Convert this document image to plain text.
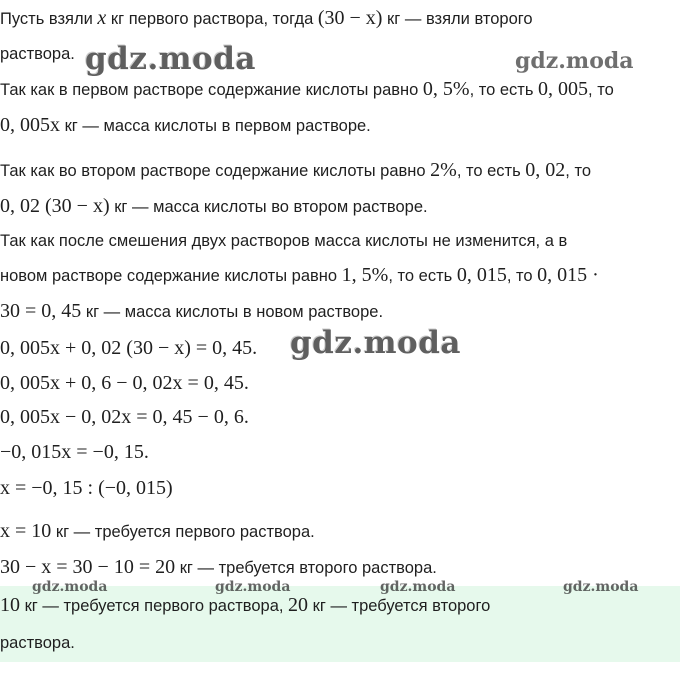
Пусть взяли x кг первого раствора, тогда (30 − x) кг — взяли второго
раствора.
Так как в первом растворе содержание кислоты равно 0, 5%, то есть 0, 005, то
0, 005x кг — масса кислоты в первом растворе.
Так как во втором растворе содержание кислоты равно 2%, то есть 0, 02, то
0, 02 (30 − x) кг — масса кислоты во втором растворе.
Так как после смешения двух растворов масса кислоты не изменится, а в
новом растворе содержание кислоты равно 1, 5%, то есть 0, 015, то 0, 015 ·
30 = 0, 45 кг — масса кислоты в новом растворе.
0, 005x + 0, 02 (30 − x) = 0, 45.
0, 005x + 0, 6 − 0, 02x = 0, 45.
0, 005x − 0, 02x = 0, 45 − 0, 6.
−0, 015x = −0, 15.
x = −0, 15 : (−0, 015)
x = 10 кг — требуется первого раствора.
30 − x = 30 − 10 = 20 кг — требуется второго раствора.
10 кг — требуется первого раствора, 20 кг — требуется второго
раствора.
gdz.moda	gdz.moda
gdz.moda
gdz.moda	gdz.moda	gdz.moda	gdz.moda
